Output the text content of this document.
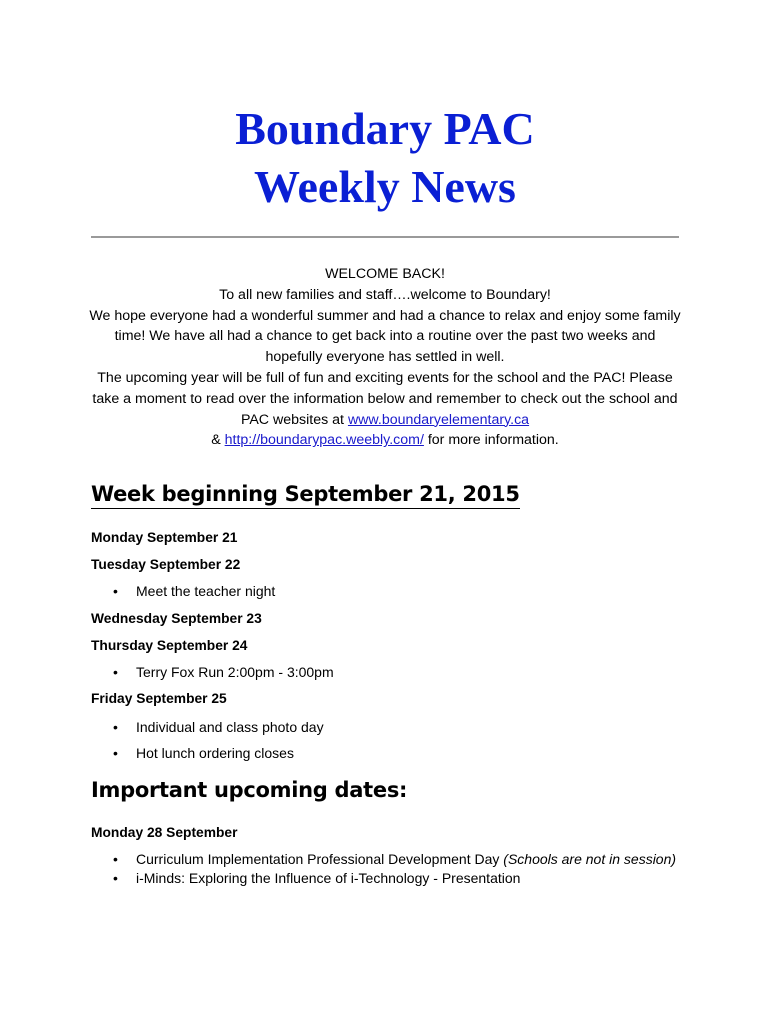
Boundary PAC
Weekly News

WELCOME BACK!

To all new families and staff….welcome to Boundary!

We hope everyone had a wonderful summer and had a chance to relax and enjoy some family time! We have all had a chance to get back into a routine over the past two weeks and hopefully everyone has settled in well.

The upcoming year will be full of fun and exciting events for the school and the PAC! Please take a moment to read over the information below and remember to check out the school and PAC websites at www.boundaryelementary.ca
& http://boundarypac.weebly.com/ for more information.

Week beginning September 21, 2015

Monday September 21

Tuesday September 22

• Meet the teacher night

Wednesday September 23

Thursday September 24

• Terry Fox Run 2:00pm - 3:00pm

Friday September 25

• Individual and class photo day
• Hot lunch ordering closes
Important upcoming dates:

Monday 28 September

• Curriculum Implementation Professional Development Day (Schools are not in session)
• i-Minds: Exploring the Influence of i-Technology - Presentation
